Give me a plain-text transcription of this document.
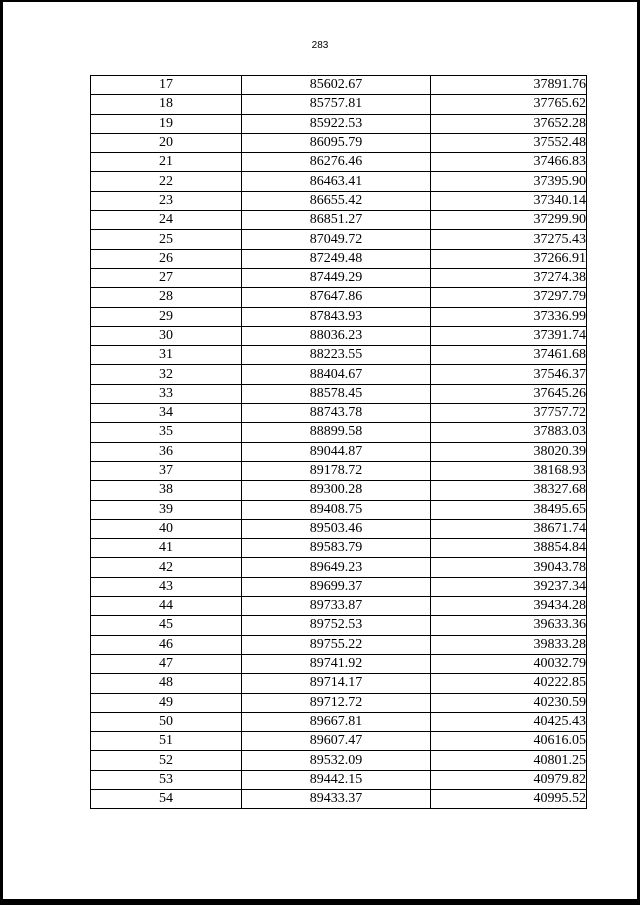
283
17	85602.67	37891.76
18	85757.81	37765.62
19	85922.53	37652.28
20	86095.79	37552.48
21	86276.46	37466.83
22	86463.41	37395.90
23	86655.42	37340.14
24	86851.27	37299.90
25	87049.72	37275.43
26	87249.48	37266.91
27	87449.29	37274.38
28	87647.86	37297.79
29	87843.93	37336.99
30	88036.23	37391.74
31	88223.55	37461.68
32	88404.67	37546.37
33	88578.45	37645.26
34	88743.78	37757.72
35	88899.58	37883.03
36	89044.87	38020.39
37	89178.72	38168.93
38	89300.28	38327.68
39	89408.75	38495.65
40	89503.46	38671.74
41	89583.79	38854.84
42	89649.23	39043.78
43	89699.37	39237.34
44	89733.87	39434.28
45	89752.53	39633.36
46	89755.22	39833.28
47	89741.92	40032.79
48	89714.17	40222.85
49	89712.72	40230.59
50	89667.81	40425.43
51	89607.47	40616.05
52	89532.09	40801.25
53	89442.15	40979.82
54	89433.37	40995.52
